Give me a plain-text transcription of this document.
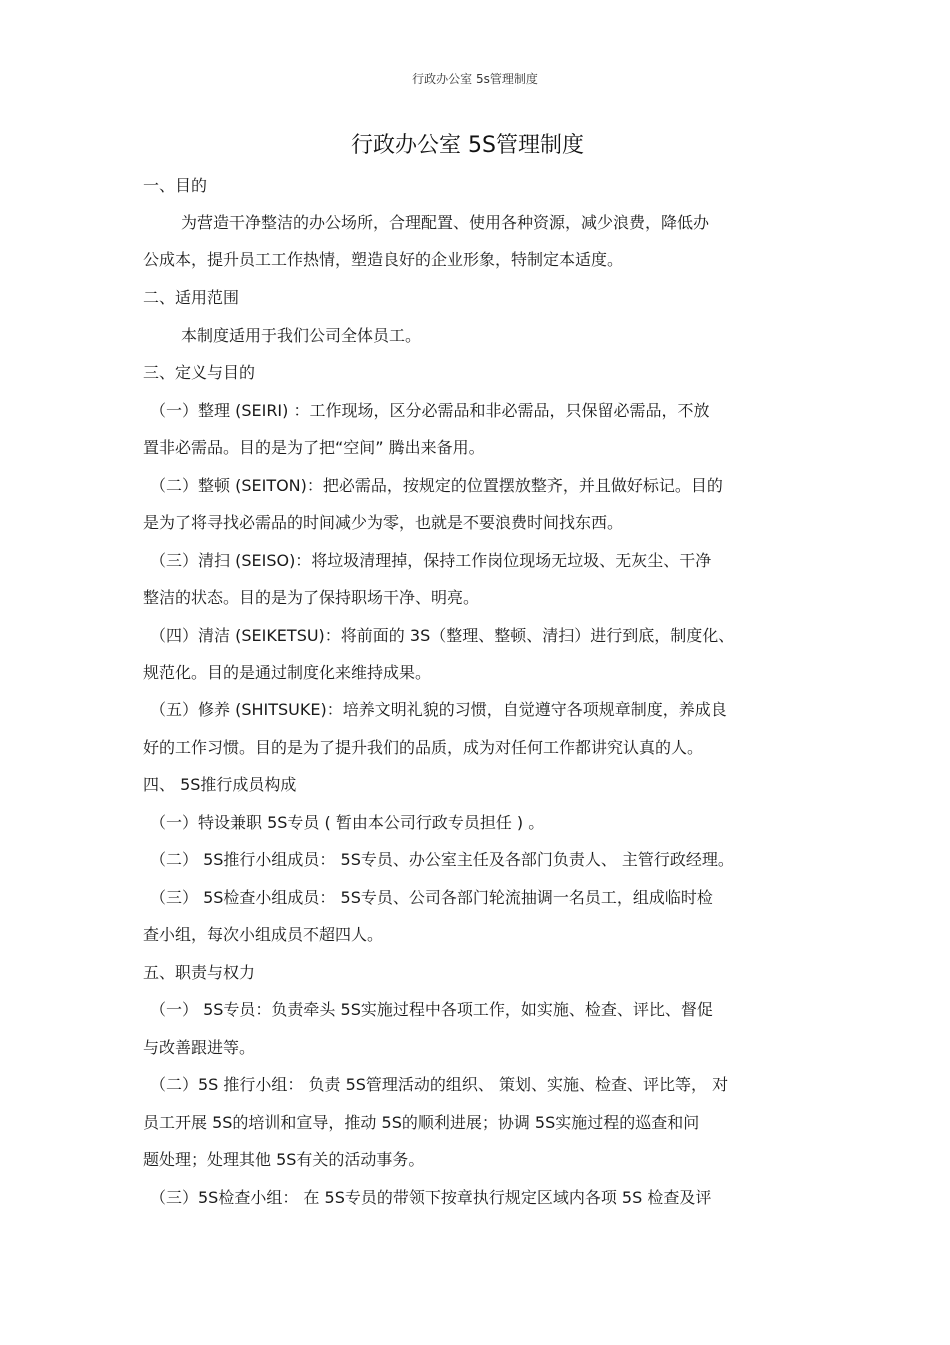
行政办公室 5s管理制度
行政办公室 5S管理制度
一、目的
为营造干净整洁的办公场所，合理配置、使用各种资源，减少浪费，降低办
公成本，提升员工工作热情，塑造良好的企业形象，特制定本适度。
二、适用范围
本制度适用于我们公司全体员工。
三、定义与目的
（一）整理 (SEIRI) ：工作现场，区分必需品和非必需品，只保留必需品，不放
置非必需品。目的是为了把“空间” 腾出来备用。
（二）整顿 (SEITON)：把必需品，按规定的位置摆放整齐，并且做好标记。目的
是为了将寻找必需品的时间减少为零，也就是不要浪费时间找东西。
（三）清扫 (SEISO)：将垃圾清理掉，保持工作岗位现场无垃圾、无灰尘、干净
整洁的状态。目的是为了保持职场干净、明亮。
（四）清洁 (SEIKETSU)：将前面的 3S（整理、整顿、清扫）进行到底，制度化、
规范化。目的是通过制度化来维持成果。
（五）修养 (SHITSUKE)：培养文明礼貌的习惯，自觉遵守各项规章制度，养成良
好的工作习惯。目的是为了提升我们的品质，成为对任何工作都讲究认真的人。
四、 5S推行成员构成
（一）特设兼职 5S专员 ( 暂由本公司行政专员担任 ) 。
（二） 5S推行小组成员： 5S专员、办公室主任及各部门负责人、 主管行政经理。
（三） 5S检查小组成员： 5S专员、公司各部门轮流抽调一名员工，组成临时检
查小组，每次小组成员不超四人。
五、职责与权力
（一） 5S专员：负责牵头 5S实施过程中各项工作，如实施、检查、评比、督促
与改善跟进等。
（二）5S 推行小组： 负责 5S管理活动的组织、 策划、实施、检查、评比等， 对
员工开展 5S的培训和宣导，推动 5S的顺利进展；协调 5S实施过程的巡查和问
题处理；处理其他 5S有关的活动事务。
（三）5S检查小组： 在 5S专员的带领下按章执行规定区域内各项 5S 检查及评
